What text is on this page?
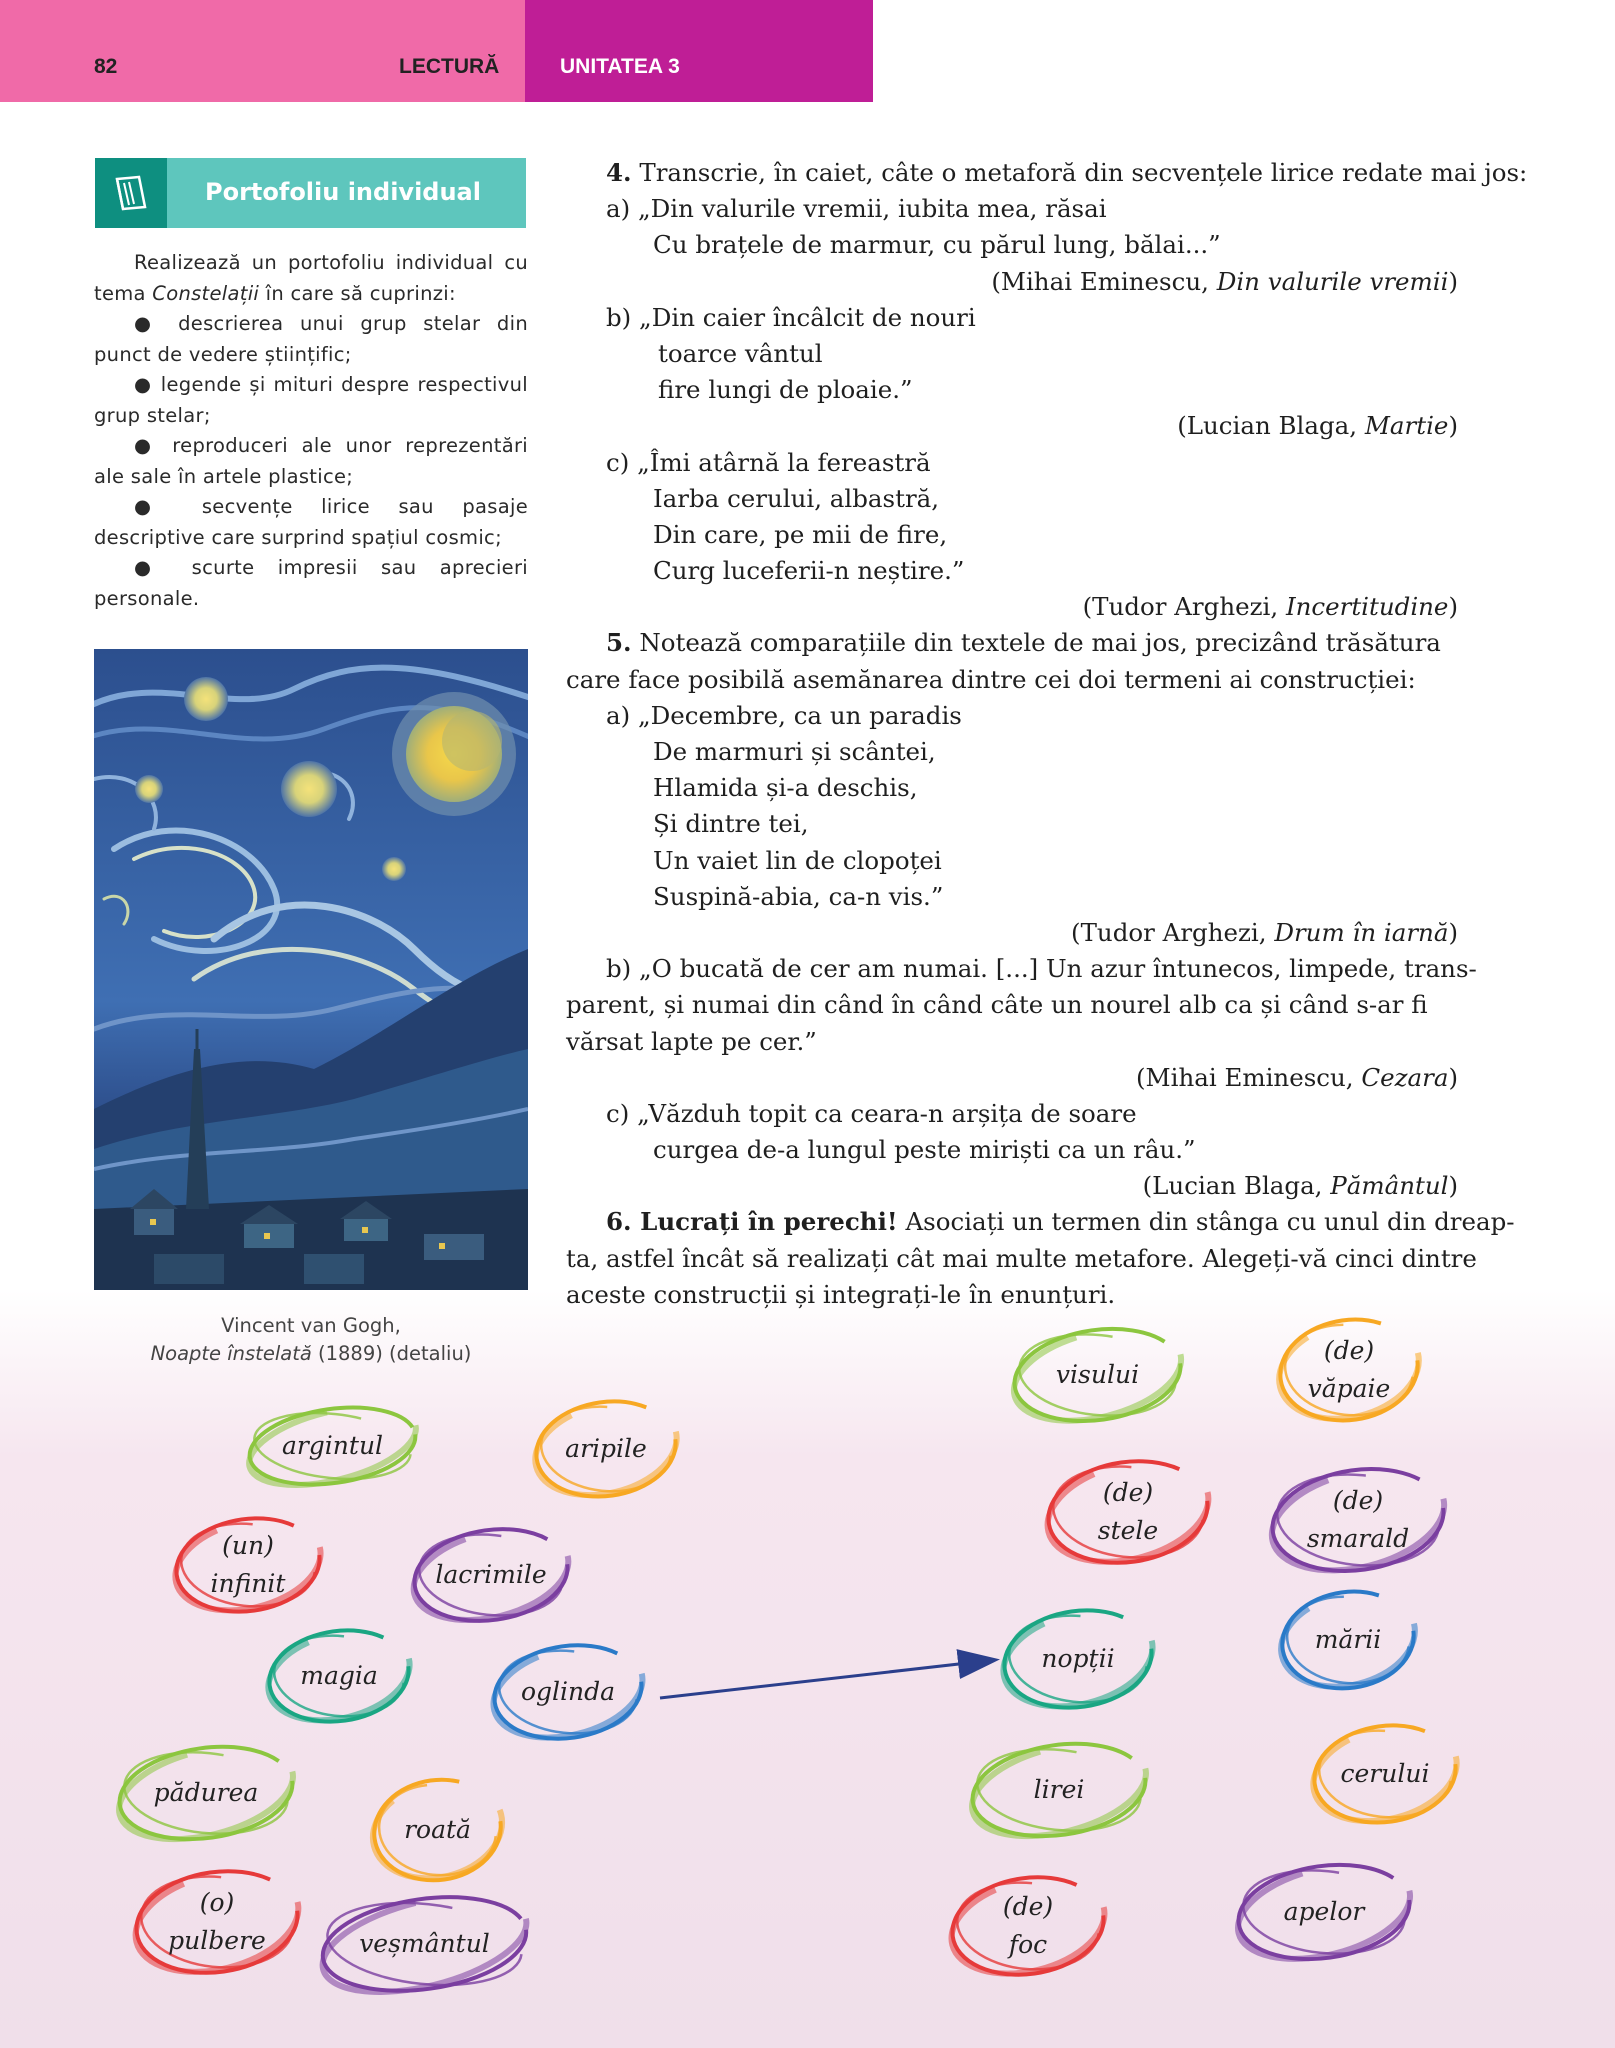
82	LECTURĂ	UNITATEA 3
Portofoliu individual

Realizează un portofoliu individual cu tema Constelații în care să cuprinzi:

● descrierea unui grup stelar din punct de vedere științific;

● legende și mituri despre respectivul grup stelar;

● reproduceri ale unor reprezentări ale sale în artele plastice;

● secvențe lirice sau pasaje descriptive care surprind spațiul cosmic;

● scurte impresii sau aprecieri personale.

Vincent van Gogh,
Noapte înstelată (1889) (detaliu)
4. Transcrie, în caiet, câte o metaforă din secvențele lirice redate mai jos:
a) „Din valurile vremii, iubita mea, răsai
Cu brațele de marmur, cu părul lung, bălai...”
(Mihai Eminescu, Din valurile vremii)
b) „Din caier încâlcit de nouri
toarce vântul
fire lungi de ploaie.”
(Lucian Blaga, Martie)
c) „Îmi atârnă la fereastră
Iarba cerului, albastră,
Din care, pe mii de fire,
Curg luceferii-n neștire.”
(Tudor Arghezi, Incertitudine)
5. Notează comparațiile din textele de mai jos, precizând trăsătura
care face posibilă asemănarea dintre cei doi termeni ai construcției:
a) „Decembre, ca un paradis
De marmuri și scântei,
Hlamida și-a deschis,
Și dintre tei,
Un vaiet lin de clopoței
Suspină-abia, ca-n vis.”
(Tudor Arghezi, Drum în iarnă)
b) „O bucată de cer am numai. [...] Un azur întunecos, limpede, trans-
parent, și numai din când în când câte un nourel alb ca și când s-ar fi
vărsat lapte pe cer.”
(Mihai Eminescu, Cezara)
c) „Văzduh topit ca ceara-n arșița de soare
curgea de-a lungul peste miriști ca un râu.”
(Lucian Blaga, Pământul)
6. Lucrați în perechi! Asociați un termen din stânga cu unul din dreap-
ta, astfel încât să realizați cât mai multe metafore. Alegeți-vă cinci dintre
aceste construcții și integrați-le în enunțuri.
argintul	aripile
(un)
infinit	lacrimile
magia
oglinda
pădurea
roată
(o)
pulbere	veșmântul
visului
(de)
văpaie
(de)
stele
(de)
smarald
nopții
mării
lirei
cerului
(de)
foc
apelor
